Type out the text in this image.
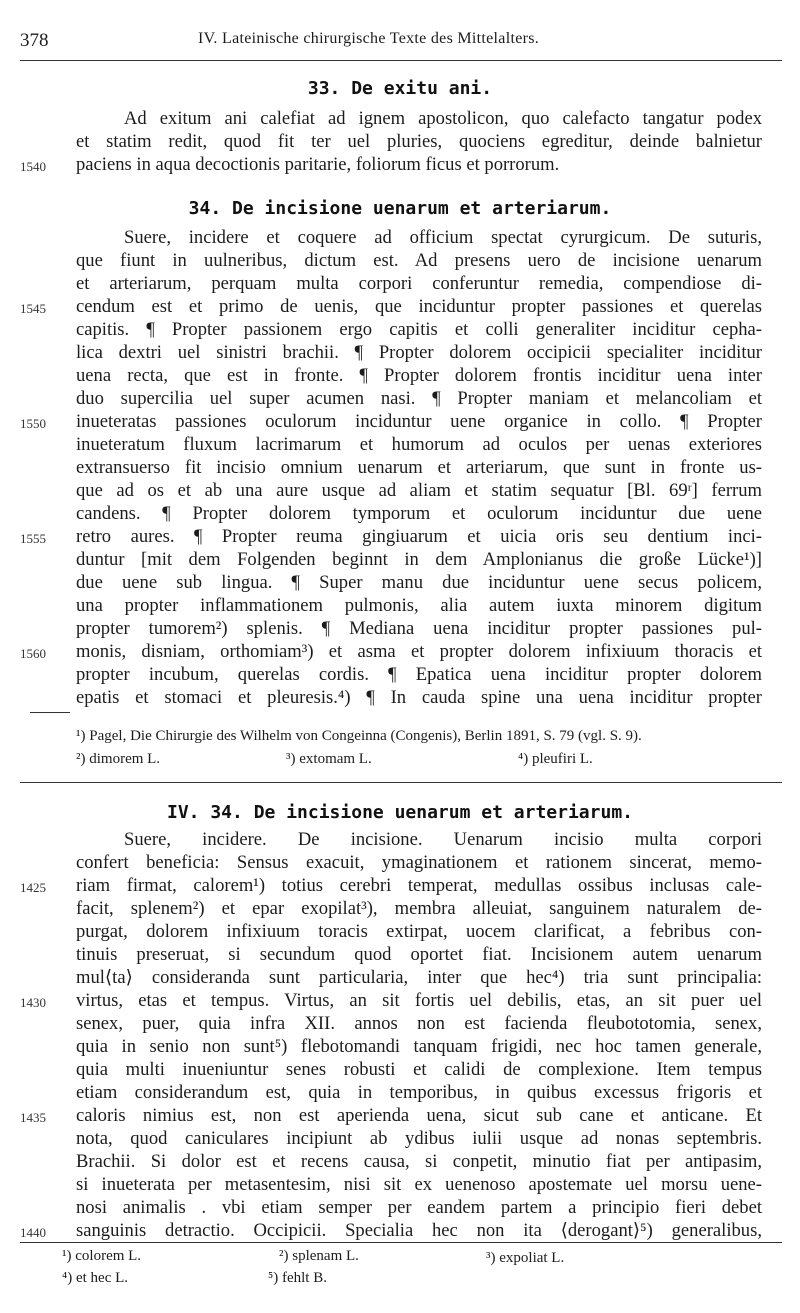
378	IV. Lateinische chirurgische Texte des Mittelalters.
33. De exitu ani.
Ad exitum ani calefiat ad ignem apostolicon, quo calefacto tangatur podex
et statim redit, quod fit ter uel pluries, quociens egreditur, deinde balnietur
paciens in aqua decoctionis paritarie, foliorum ficus et porrorum.
1540
34. De incisione uenarum et arteriarum.
Suere, incidere et coquere ad officium spectat cyrurgicum. De suturis,
que fiunt in uulneribus, dictum est. Ad presens uero de incisione uenarum
et arteriarum, perquam multa corpori conferuntur remedia, compendiose di-
cendum est et primo de uenis, que inciduntur propter passiones et querelas
capitis. ¶ Propter passionem ergo capitis et colli generaliter inciditur cepha-
lica dextri uel sinistri brachii. ¶ Propter dolorem occipicii specialiter inciditur
uena recta, que est in fronte. ¶ Propter dolorem frontis inciditur uena inter
duo supercilia uel super acumen nasi. ¶ Propter maniam et melancoliam et
inueteratas passiones oculorum inciduntur uene organice in collo. ¶ Propter
inueteratum fluxum lacrimarum et humorum ad oculos per uenas exteriores
extransuerso fit incisio omnium uenarum et arteriarum, que sunt in fronte us-
que ad os et ab una aure usque ad aliam et statim sequatur [Bl. 69ʳ] ferrum
candens. ¶ Propter dolorem tymporum et oculorum inciduntur due uene
retro aures. ¶ Propter reuma gingiuarum et uicia oris seu dentium inci-
duntur [mit dem Folgenden beginnt in dem Amplonianus die große Lücke¹)]
due uene sub lingua. ¶ Super manu due inciduntur uene secus policem,
una propter inflammationem pulmonis, alia autem iuxta minorem digitum
propter tumorem²) splenis. ¶ Mediana uena inciditur propter passiones pul-
monis, disniam, orthomiam³) et asma et propter dolorem infixiuum thoracis et
propter incubum, querelas cordis. ¶ Epatica uena inciditur propter dolorem
epatis et stomaci et pleuresis.⁴) ¶ In cauda spine una uena inciditur propter
1545
1550
1555
1560
¹) Pagel, Die Chirurgie des Wilhelm von Congeinna (Congenis), Berlin 1891, S. 79 (vgl. S. 9).
²) dimorem L.	³) extomam L.	⁴) pleufiri L.
IV. 34. De incisione uenarum et arteriarum.
Suere, incidere. De incisione. Uenarum incisio multa corpori
confert beneficia: Sensus exacuit, ymaginationem et rationem sincerat, memo-
riam firmat, calorem¹) totius cerebri temperat, medullas ossibus inclusas cale-
facit, splenem²) et epar exopilat³), membra alleuiat, sanguinem naturalem de-
purgat, dolorem infixiuum toracis extirpat, uocem clarificat, a febribus con-
tinuis preseruat, si secundum quod oportet fiat. Incisionem autem uenarum
mul⟨ta⟩ consideranda sunt particularia, inter que hec⁴) tria sunt principalia:
virtus, etas et tempus. Virtus, an sit fortis uel debilis, etas, an sit puer uel
senex, puer, quia infra XII. annos non est facienda fleubototomia, senex,
quia in senio non sunt⁵) flebotomandi tanquam frigidi, nec hoc tamen generale,
quia multi inueniuntur senes robusti et calidi de complexione. Item tempus
etiam considerandum est, quia in temporibus, in quibus excessus frigoris et
caloris nimius est, non est aperienda uena, sicut sub cane et anticane. Et
nota, quod caniculares incipiunt ab ydibus iulii usque ad nonas septembris.
Brachii. Si dolor est et recens causa, si conpetit, minutio fiat per antipasim,
si inueterata per metasentesim, nisi sit ex uenenoso apostemate uel morsu uene-
nosi animalis . vbi etiam semper per eandem partem a principio fieri debet
sanguinis detractio. Occipicii. Specialia hec non ita ⟨derogant⟩⁵) generalibus,
1425
1430
1435
1440
¹) colorem L.	²) splenam L.	³) expoliat L.
⁴) et hec L.	⁵) fehlt B.
